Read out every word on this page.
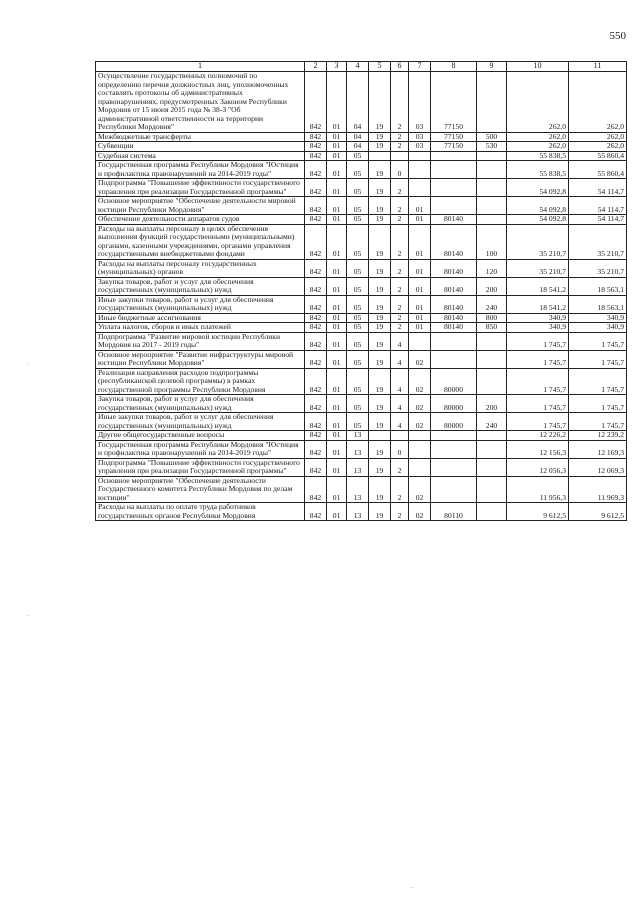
550
1	2	3	4	5	6	7	8	9	10	11
Осуществление государственных полномочий по определению перечня должностных лиц, уполномоченных составлять протоколы об административных правонарушениях, предусмотренных Законом Республики Мордовия от 15 июня 2015 года № 38-З "Об административной ответственности на территории Республики Мордовия"	842	01	04	19	2	03	77150		262,0	262,0
Межбюджетные трансферты	842	01	04	19	2	03	77150	500	262,0	262,0
Субвенции	842	01	04	19	2	03	77150	530	262,0	262,0
Судебная система	842	01	05						55 838,5	55 860,4
Государственная программа Республики Мордовия "Юстиция и профилактика правонарушений на 2014-2019 годы"	842	01	05	19	0				55 838,5	55 860,4
Подпрограмма "Повышение эффективности государственного управления при реализации Государственной программы"	842	01	05	19	2				54 092,8	54 114,7
Основное мероприятие "Обеспечение деятельности мировой юстиции Республики Мордовия"	842	01	05	19	2	01			54 092,8	54 114,7
Обеспечение деятельности аппаратов судов	842	01	05	19	2	01	80140		54 092,8	54 114,7
Расходы на выплаты персоналу в целях обеспечения выполнения функций государственными (муниципальными) органами, казенными учреждениями, органами управления государственными внебюджетными фондами	842	01	05	19	2	01	80140	100	35 210,7	35 210,7
Расходы на выплаты персоналу государственных (муниципальных) органов	842	01	05	19	2	01	80140	120	35 210,7	35 210,7
Закупка товаров, работ и услуг для обеспечения государственных (муниципальных) нужд	842	01	05	19	2	01	80140	200	18 541,2	18 563,1
Иные закупки товаров, работ и услуг для обеспечения государственных (муниципальных) нужд	842	01	05	19	2	01	80140	240	18 541,2	18 563,1
Иные бюджетные ассигнования	842	01	05	19	2	01	80140	800	340,9	340,9
Уплата налогов, сборов и иных платежей	842	01	05	19	2	01	80140	850	340,9	340,9
Подпрограмма "Развитие мировой юстиции Республики Мордовия на 2017 - 2019 годы"	842	01	05	19	4				1 745,7	1 745,7
Основное мероприятие "Развитие инфраструктуры мировой юстиции Республики Мордовия"	842	01	05	19	4	02			1 745,7	1 745,7
Реализация направления расходов подпрограммы (республиканской целевой программы) в рамках государственной программы Республики Мордовия	842	01	05	19	4	02	80000		1 745,7	1 745,7
Закупка товаров, работ и услуг для обеспечения государственных (муниципальных) нужд	842	01	05	19	4	02	80000	200	1 745,7	1 745,7
Иные закупки товаров, работ и услуг для обеспечения государственных (муниципальных) нужд	842	01	05	19	4	02	80000	240	1 745,7	1 745,7
Другие общегосударственные вопросы	842	01	13						12 226,2	12 239,2
Государственная программа Республики Мордовия "Юстиция и профилактика правонарушений на 2014-2019 годы"	842	01	13	19	0				12 156,3	12 169,3
Подпрограмма "Повышение эффективности государственного управления при реализации Государственной программы"	842	01	13	19	2				12 056,3	12 069,3
Основное мероприятие "Обеспечение деятельности Государственного комитета Республики Мордовия по делам юстиции"	842	01	13	19	2	02			11 956,3	11 969,3
Расходы на выплаты по оплате труда работников государственных органов Республики Мордовия	842	01	13	19	2	02	80110		9 612,5	9 612,5
·
·
··
